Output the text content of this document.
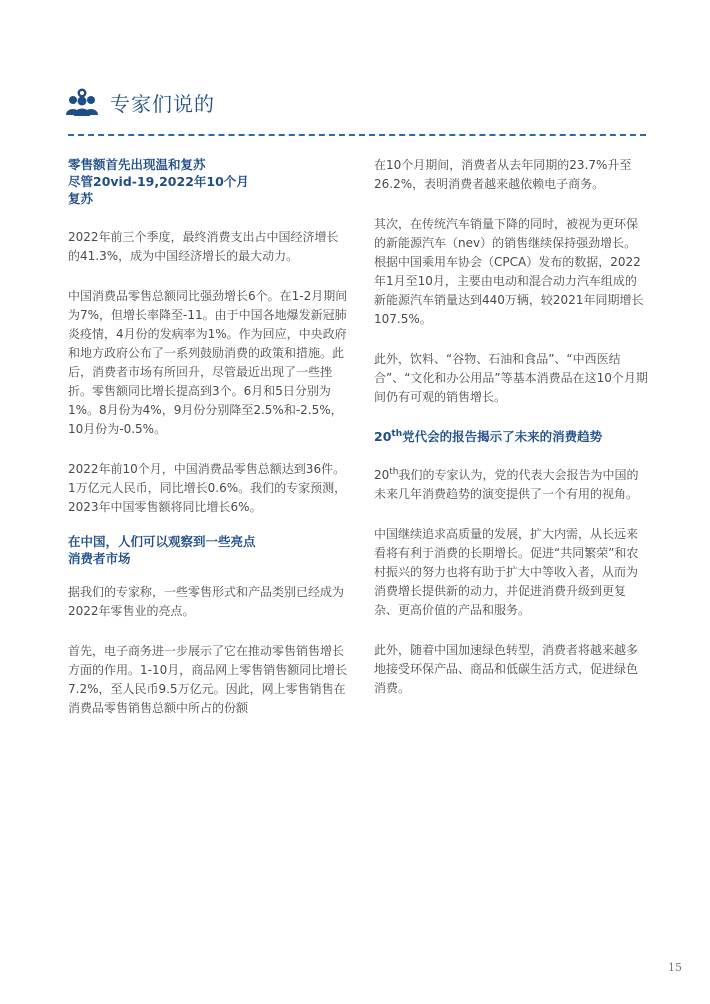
专家们说的

零售额首先出现温和复苏

尽管20vid-19,2022年10个月

复苏

2022年前三个季度，最终消费支出占中国经济增长的41.3%，成为中国经济增长的最大动力。

中国消费品零售总额同比强劲增长6个。在1-2月期间为7%，但增长率降至-11。由于中国各地爆发新冠肺炎疫情，4月份的发病率为1%。作为回应，中央政府和地方政府公布了一系列鼓励消费的政策和措施。此后，消费者市场有所回升，尽管最近出现了一些挫折。零售额同比增长提高到3个。6月和5日分别为1%。8月份为4%，9月份分别降至2.5%和-2.5%，10月份为-0.5%。

2022年前10个月，中国消费品零售总额达到36件。1万亿元人民币，同比增长0.6%。我们的专家预测，2023年中国零售额将同比增长6%。

在中国，人们可以观察到一些亮点

消费者市场

据我们的专家称，一些零售形式和产品类别已经成为2022年零售业的亮点。

首先，电子商务进一步展示了它在推动零售销售增长方面的作用。1-10月，商品网上零售销售额同比增长7.2%，至人民币9.5万亿元。因此，网上零售销售在消费品零售销售总额中所占的份额

在10个月期间，消费者从去年同期的23.7%升至26.2%，表明消费者越来越依赖电子商务。

其次，在传统汽车销量下降的同时，被视为更环保的新能源汽车（nev）的销售继续保持强劲增长。根据中国乘用车协会（CPCA）发布的数据，2022年1月至10月，主要由电动和混合动力汽车组成的新能源汽车销量达到440万辆，较2021年同期增长107.5%。

此外，饮料、“谷物、石油和食品”、“中西医结合”、“文化和办公用品”等基本消费品在这10个月期间仍有可观的销售增长。

20th党代会的报告揭示了未来的消费趋势

20th我们的专家认为，党的代表大会报告为中国的未来几年消费趋势的演变提供了一个有用的视角。

中国继续追求高质量的发展，扩大内需，从长远来看将有利于消费的长期增长。促进“共同繁荣”和农村振兴的努力也将有助于扩大中等收入者，从而为消费增长提供新的动力，并促进消费升级到更复杂、更高价值的产品和服务。

此外，随着中国加速绿色转型，消费者将越来越多地接受环保产品、商品和低碳生活方式，促进绿色消费。

15
